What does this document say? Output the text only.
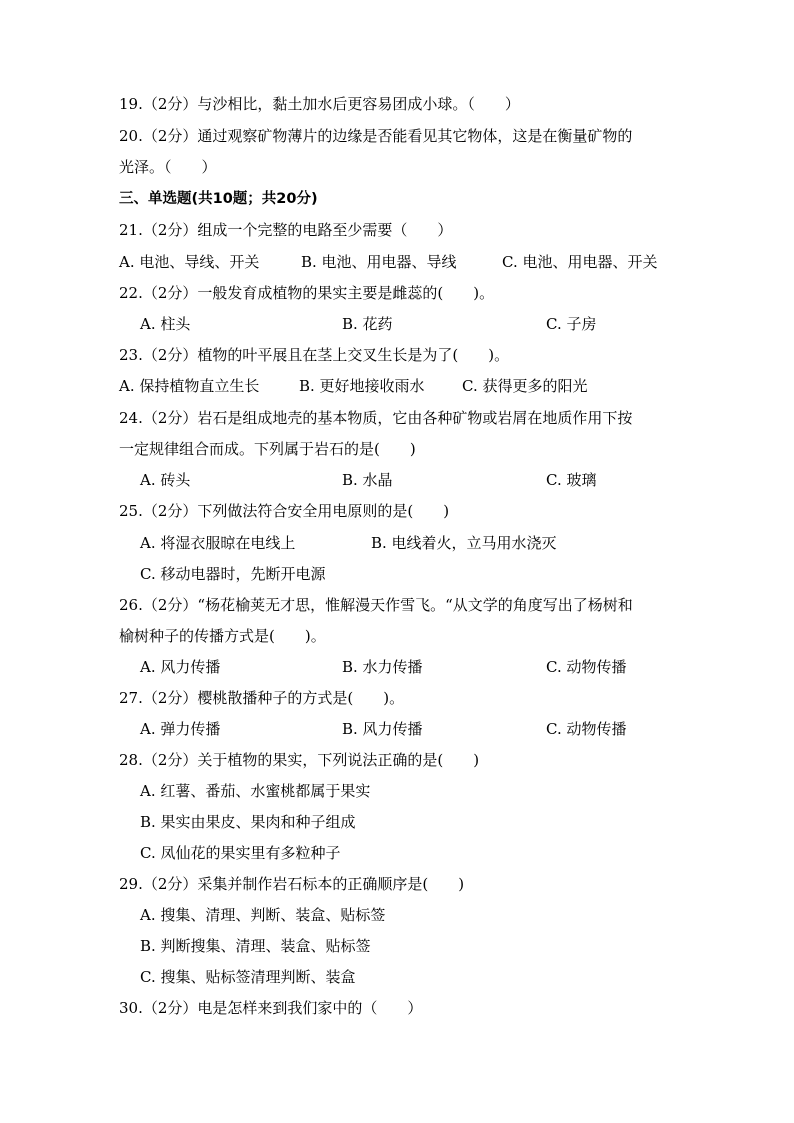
19.（2分）与沙相比，黏土加水后更容易团成小球。（　　）
20.（2分）通过观察矿物薄片的边缘是否能看见其它物体，这是在衡量矿物的
光泽。（　　）
三、单选题(共10题；共20分)
21.（2分）组成一个完整的电路至少需要（　　）
A. 电池、导线、开关	B. 电池、用电器、导线	C. 电池、用电器、开关
22.（2分）一般发育成植物的果实主要是雌蕊的(　　)。
A. 柱头	B. 花药	C. 子房
23.（2分）植物的叶平展且在茎上交叉生长是为了(　　)。
A. 保持植物直立生长	B. 更好地接收雨水 C. 获得更多的阳光
24.（2分）岩石是组成地壳的基本物质，它由各种矿物或岩屑在地质作用下按
一定规律组合而成。下列属于岩石的是(　　)
A. 砖头	B. 水晶	C. 玻璃
25.（2分）下列做法符合安全用电原则的是(　　)
A. 将湿衣服晾在电线上	B. 电线着火，立马用水浇灭
C. 移动电器时，先断开电源
26.（2分）“杨花榆荚无才思，惟解漫天作雪飞。“从文学的角度写出了杨树和
榆树种子的传播方式是(　　)。
A. 风力传播	B. 水力传播	C. 动物传播
27.（2分）樱桃散播种子的方式是(　　)。
A. 弹力传播	B. 风力传播	C. 动物传播
28.（2分）关于植物的果实，下列说法正确的是(　　)
A. 红薯、番茄、水蜜桃都属于果实
B. 果实由果皮、果肉和种子组成
C. 凤仙花的果实里有多粒种子
29.（2分）采集并制作岩石标本的正确顺序是(　　)
A. 搜集、清理、判断、装盒、贴标签
B. 判断搜集、清理、装盒、贴标签
C. 搜集、贴标签清理判断、装盒
30.（2分）电是怎样来到我们家中的（　　）
